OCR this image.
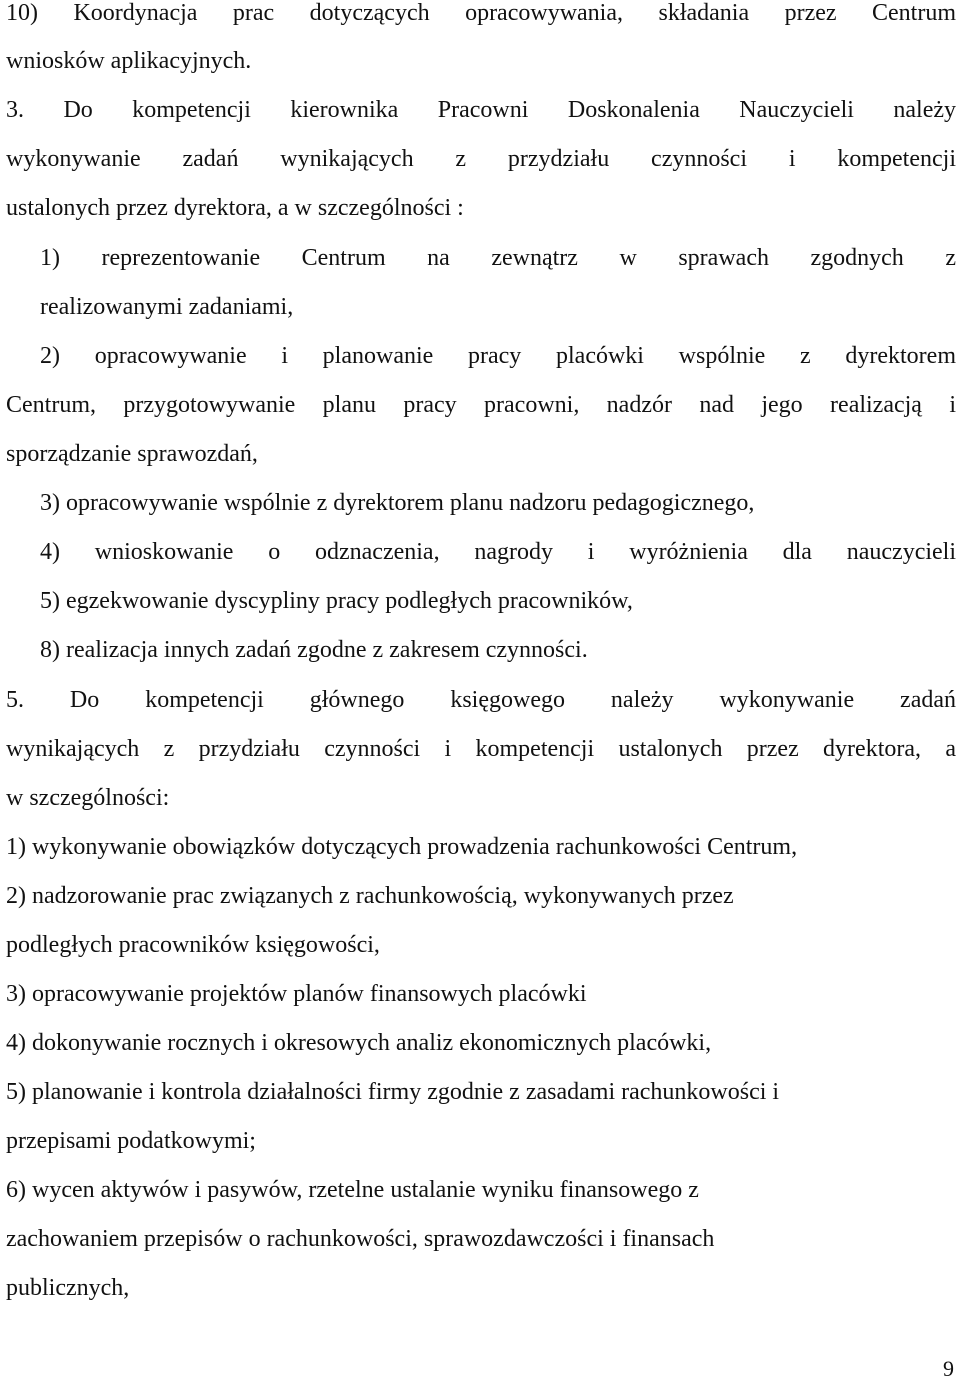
10) Koordynacja prac dotyczących opracowywania, składania przez Centrum
wniosków aplikacyjnych.
3. Do kompetencji kierownika Pracowni Doskonalenia Nauczycieli należy
wykonywanie zadań wynikających z przydziału czynności i kompetencji
ustalonych przez dyrektora, a w szczególności :
1) reprezentowanie Centrum na zewnątrz w sprawach zgodnych z
realizowanymi zadaniami,
2) opracowywanie i planowanie pracy placówki wspólnie z dyrektorem
Centrum, przygotowywanie planu pracy pracowni, nadzór nad jego realizacją i
sporządzanie sprawozdań,
3) opracowywanie wspólnie z dyrektorem planu nadzoru pedagogicznego,
4) wnioskowanie o odznaczenia, nagrody i wyróżnienia dla nauczycieli
5) egzekwowanie dyscypliny pracy podległych pracowników,
8) realizacja innych zadań zgodne z zakresem czynności.
5. Do kompetencji głównego księgowego należy wykonywanie zadań
wynikających z przydziału czynności i kompetencji ustalonych przez dyrektora, a
w szczególności:
1) wykonywanie obowiązków dotyczących prowadzenia rachunkowości Centrum,
2) nadzorowanie prac związanych z rachunkowością, wykonywanych przez
podległych pracowników księgowości,
3) opracowywanie projektów planów finansowych placówki
4) dokonywanie rocznych i okresowych analiz ekonomicznych placówki,
5) planowanie i kontrola działalności firmy zgodnie z zasadami rachunkowości i
przepisami podatkowymi;
6) wycen aktywów i pasywów, rzetelne ustalanie wyniku finansowego z
zachowaniem przepisów o rachunkowości, sprawozdawczości i finansach
publicznych,
9
